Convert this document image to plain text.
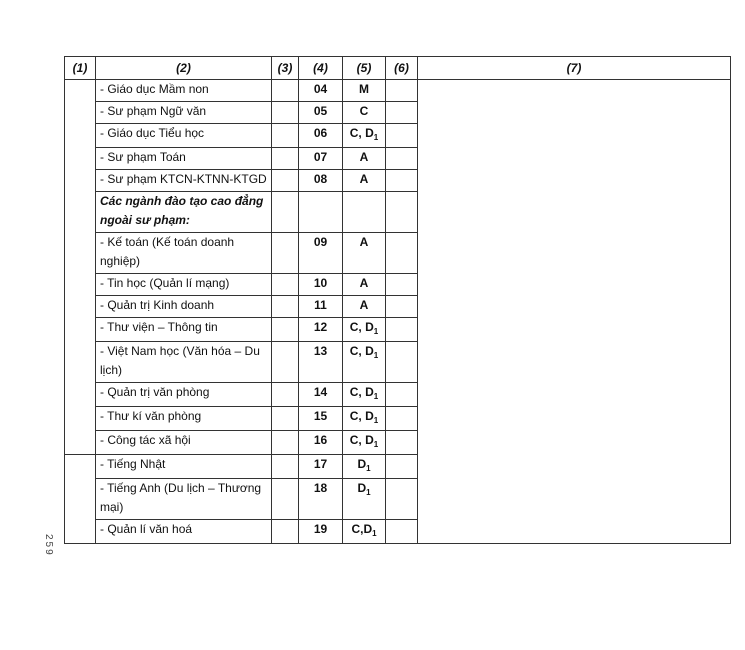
259
(1)	(2)	(3)	(4)	(5)	(6)	(7)
	- Giáo dục Mầm non		04	M		
	- Sư phạm Ngữ văn		05	C		
	- Giáo dục Tiểu học		06	C, $D_1$	
	- Sư phạm Toán		07	A		
	- Sư phạm KTCN-KTNN-KTGD		08	A		
	Các ngành đào tạo cao đẳng ngoài sư phạm:					
	- Kế toán (Kế toán doanh nghiệp)		09	A		
	- Tin học (Quản lí mạng)		10	A		
	- Quản trị Kinh doanh		11	A		
	- Thư viện – Thông tin		12	C, $D_1$	
	- Việt Nam học (Văn hóa – Du lịch)		13	C, $D_1$	
	- Quản trị văn phòng		14	C, $D_1$	
	- Thư kí văn phòng		15	C, $D_1$	
	- Công tác xã hội		16	C, $D_1$	
	- Tiếng Nhật		17	$D_1$	
	- Tiếng Anh (Du lịch – Thương mại)		18	$D_1$	
	- Quản lí văn hoá		19	$C,D_1$	
